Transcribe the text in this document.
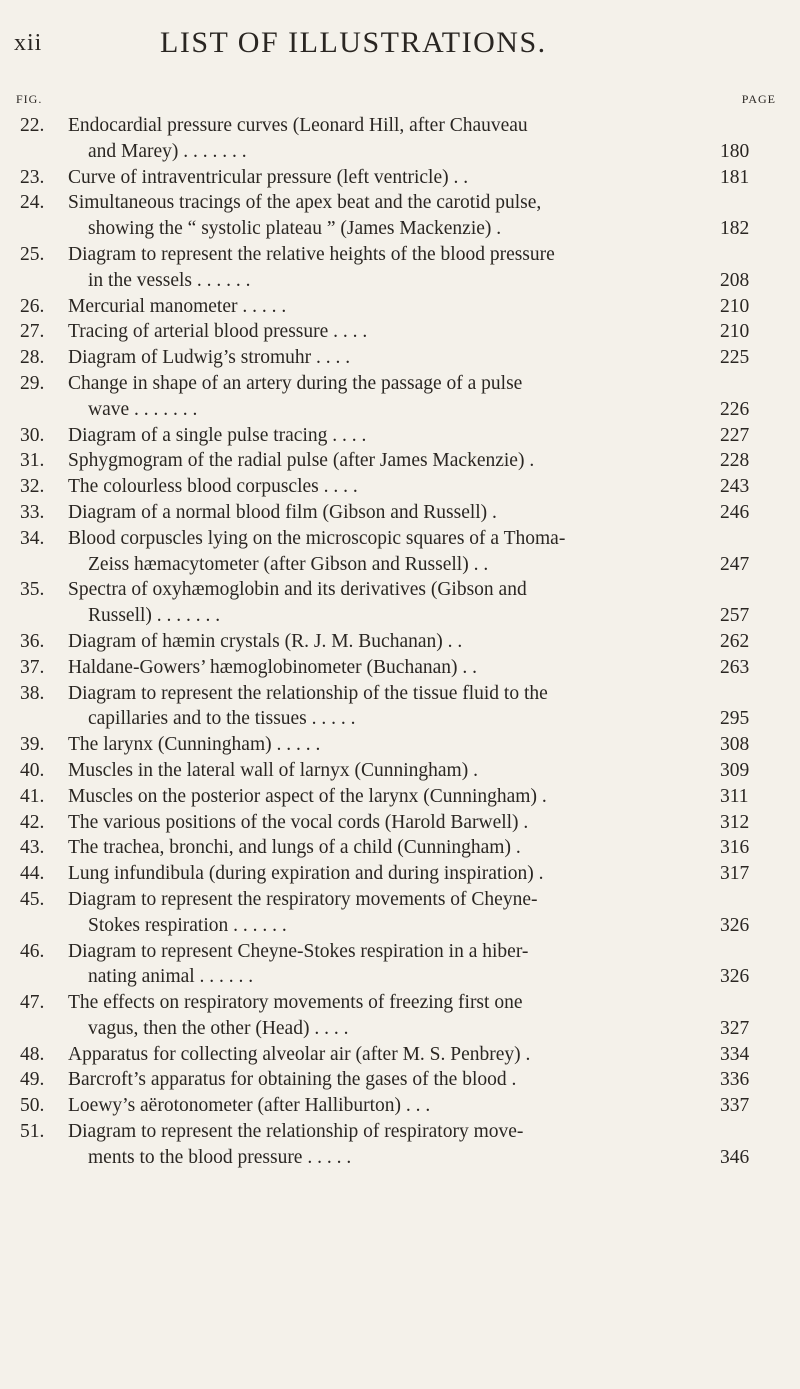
xii	LIST OF ILLUSTRATIONS.
FIG.	PAGE
22. Endocardial pressure curves (Leonard Hill, after Chauveau
and Marey) . . . . . . .	180
23. Curve of intraventricular pressure (left ventricle) . .	181
24. Simultaneous tracings of the apex beat and the carotid pulse,
showing the “ systolic plateau ” (James Mackenzie) .	182
25. Diagram to represent the relative heights of the blood pressure
in the vessels . . . . . .	208
26. Mercurial manometer . . . . .	210
27. Tracing of arterial blood pressure . . . .	210
28. Diagram of Ludwig’s stromuhr . . . .	225
29. Change in shape of an artery during the passage of a pulse
wave . . . . . . .	226
30. Diagram of a single pulse tracing . . . .	227
31. Sphygmogram of the radial pulse (after James Mackenzie) .	228
32. The colourless blood corpuscles . . . .	243
33. Diagram of a normal blood film (Gibson and Russell) .	246
34. Blood corpuscles lying on the microscopic squares of a Thoma-
Zeiss hæmacytometer (after Gibson and Russell) . .	247
35. Spectra of oxyhæmoglobin and its derivatives (Gibson and
Russell) . . . . . . .	257
36. Diagram of hæmin crystals (R. J. M. Buchanan) . .	262
37. Haldane-Gowers’ hæmoglobinometer (Buchanan) . .	263
38. Diagram to represent the relationship of the tissue fluid to the
capillaries and to the tissues . . . . .	295
39. The larynx (Cunningham) . . . . .	308
40. Muscles in the lateral wall of larnyx (Cunningham) .	309
41. Muscles on the posterior aspect of the larynx (Cunningham) .	311
42. The various positions of the vocal cords (Harold Barwell) .	312
43. The trachea, bronchi, and lungs of a child (Cunningham) .	316
44. Lung infundibula (during expiration and during inspiration) .	317
45. Diagram to represent the respiratory movements of Cheyne-
Stokes respiration . . . . . .	326
46. Diagram to represent Cheyne-Stokes respiration in a hiber-
nating animal . . . . . .	326
47. The effects on respiratory movements of freezing first one
vagus, then the other (Head) . . . .	327
48. Apparatus for collecting alveolar air (after M. S. Penbrey) .	334
49. Barcroft’s apparatus for obtaining the gases of the blood .	336
50. Loewy’s aërotonometer (after Halliburton) . . .	337
51. Diagram to represent the relationship of respiratory move-
ments to the blood pressure . . . . .	346
